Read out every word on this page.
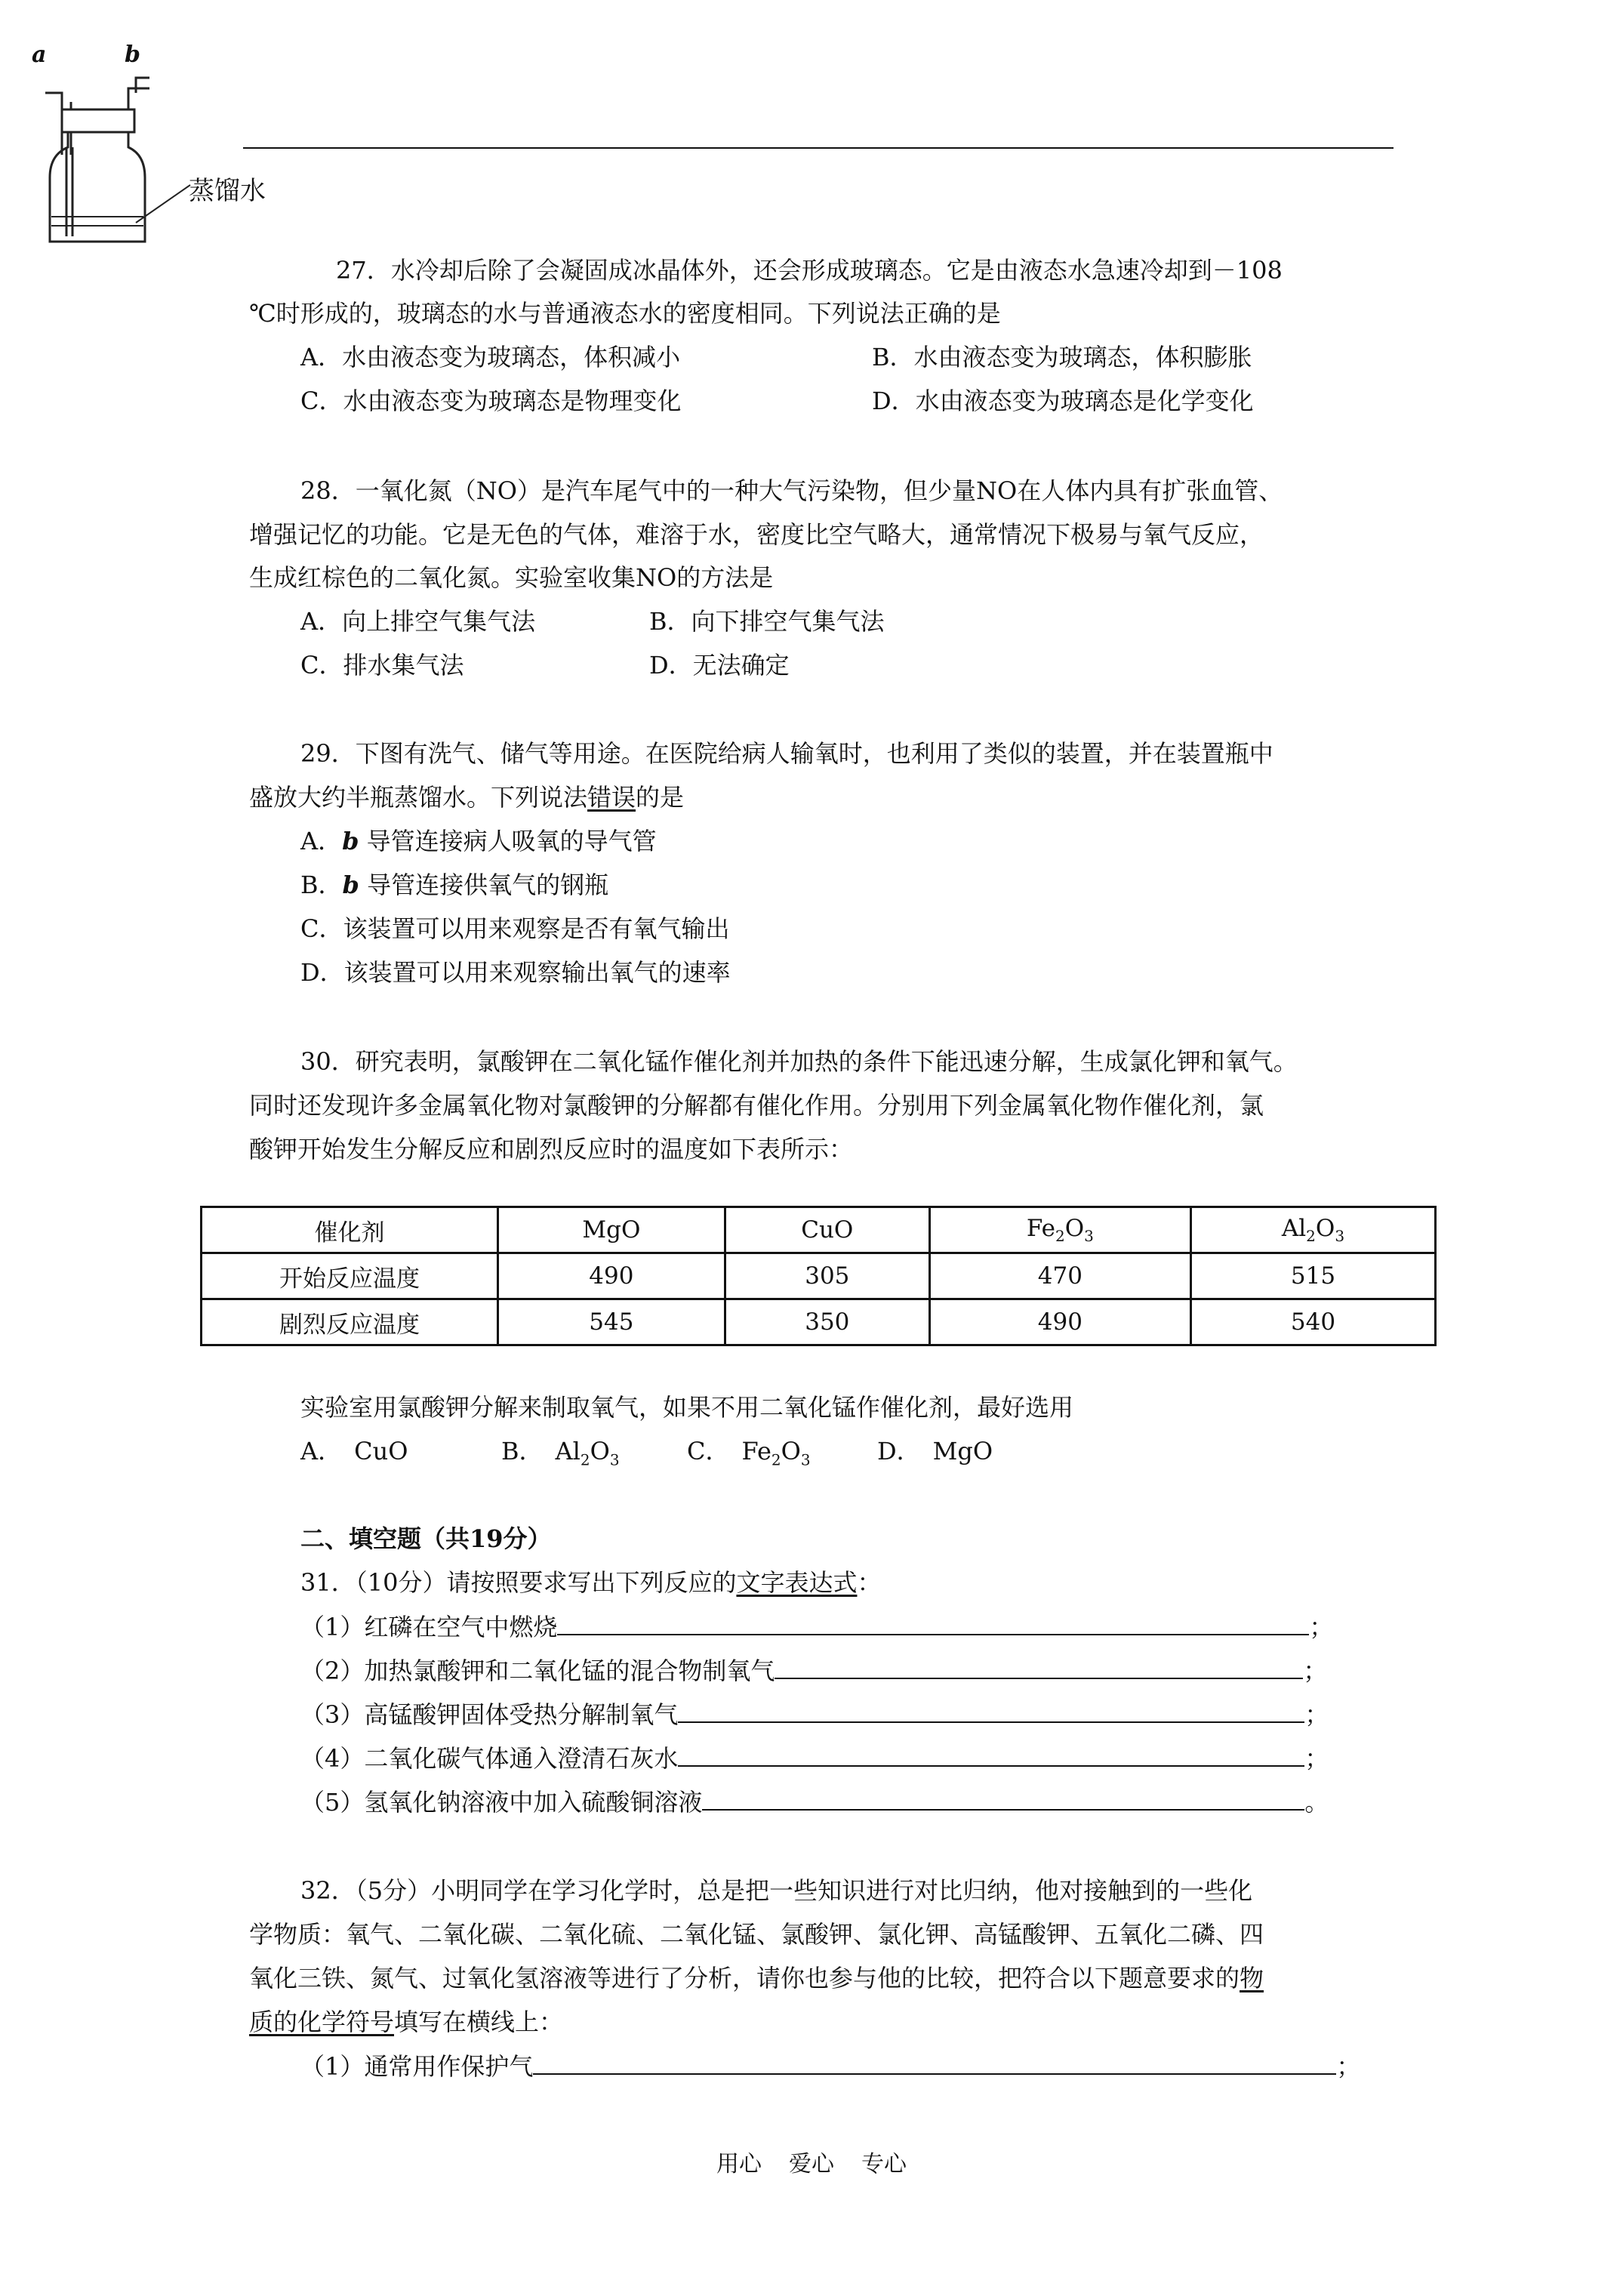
a	b
蒸馏水
27．水冷却后除了会凝固成冰晶体外，还会形成玻璃态。它是由液态水急速冷却到－108
℃时形成的，玻璃态的水与普通液态水的密度相同。下列说法正确的是
A．水由液态变为玻璃态，体积减小	B．水由液态变为玻璃态，体积膨胀
C．水由液态变为玻璃态是物理变化	D．水由液态变为玻璃态是化学变化
28．一氧化氮（NO）是汽车尾气中的一种大气污染物，但少量NO在人体内具有扩张血管、
增强记忆的功能。它是无色的气体，难溶于水，密度比空气略大，通常情况下极易与氧气反应，
生成红棕色的二氧化氮。实验室收集NO的方法是
A．向上排空气集气法	B．向下排空气集气法
C．排水集气法	D．无法确定
29．下图有洗气、储气等用途。在医院给病人输氧时，也利用了类似的装置，并在装置瓶中
盛放大约半瓶蒸馏水。下列说法错误的是
A．b 导管连接病人吸氧的导气管
B．b 导管连接供氧气的钢瓶
C．该装置可以用来观察是否有氧气输出
D．该装置可以用来观察输出氧气的速率
30．研究表明，氯酸钾在二氧化锰作催化剂并加热的条件下能迅速分解，生成氯化钾和氧气。
同时还发现许多金属氧化物对氯酸钾的分解都有催化作用。分别用下列金属氧化物作催化剂，氯
酸钾开始发生分解反应和剧烈反应时的温度如下表所示：
催化剂	MgO	CuO	$Fe_2O_3$	$Al_2O_3$
开始反应温度	490	305	470	515
剧烈反应温度	545	350	490	540
实验室用氯酸钾分解来制取氧气，如果不用二氧化锰作催化剂，最好选用
A．　CuO	B．　$Al_2O_3$	C．　$Fe_2O_3$	D．　MgO
二、填空题（共19分）
31．（10分）请按照要求写出下列反应的文字表达式：
（1）红磷在空气中燃烧	；
（2）加热氯酸钾和二氧化锰的混合物制氧气	；
（3）高锰酸钾固体受热分解制氧气	；
（4）二氧化碳气体通入澄清石灰水	；
（5）氢氧化钠溶液中加入硫酸铜溶液	。
32．（5分）小明同学在学习化学时，总是把一些知识进行对比归纳，他对接触到的一些化
学物质：氧气、二氧化碳、二氧化硫、二氧化锰、氯酸钾、氯化钾、高锰酸钾、五氧化二磷、四
氧化三铁、氮气、过氧化氢溶液等进行了分析，请你也参与他的比较，把符合以下题意要求的物
质的化学符号填写在横线上：
（1）通常用作保护气	；
用心 爱心 专心
